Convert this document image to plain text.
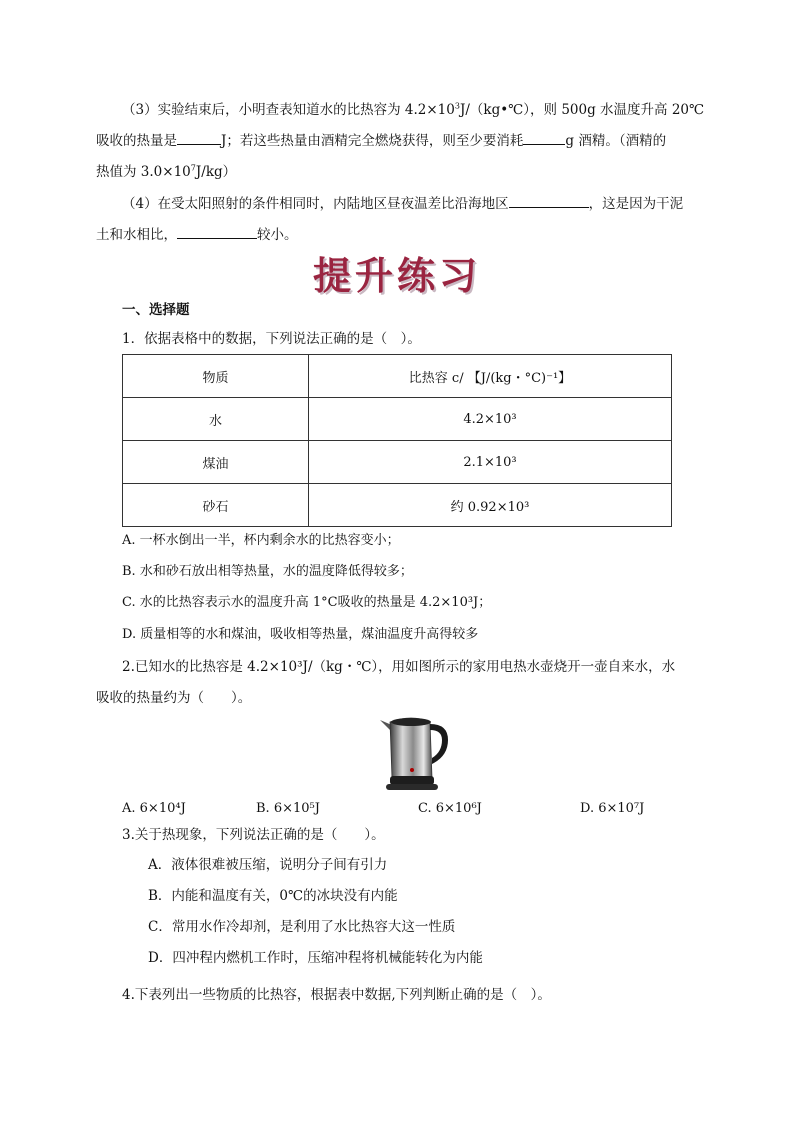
（3）实验结束后，小明查表知道水的比热容为 $4.2\times 10^3J/(kg•℃)$，则 500g 水温度升高 20℃
吸收的热量是	J；若这些热量由酒精完全燃烧获得，则至少要消耗	g 酒精。（酒精的
热值为 $3.0\times 10^7J/kg$）
（4）在受太阳照射的条件相同时，内陆地区昼夜温差比沿海地区	，这是因为干泥
土和水相比，	较小。
提升练习
一、选择题
1．依据表格中的数据，下列说法正确的是（　）。
物质	比热容 c/ 【J/(kg・°C)⁻¹】
水	4.2×10³
煤油	2.1×10³
砂石	约 0.92×10³
A. 一杯水倒出一半，杯内剩余水的比热容变小；
B. 水和砂石放出相等热量，水的温度降低得较多；
C. 水的比热容表示水的温度升高 1°C吸收的热量是 4.2×10³J；
D. 质量相等的水和煤油，吸收相等热量，煤油温度升高得较多
2.已知水的比热容是 4.2×10³J/（kg・℃），用如图所示的家用电热水壶烧开一壶自来水，水
吸收的热量约为（　　）。
A. 6×10⁴J	B. 6×10⁵J	C. 6×10⁶J	D. 6×10⁷J
3.关于热现象，下列说法正确的是（　　）。
A．液体很难被压缩，说明分子间有引力
B．内能和温度有关，0℃的冰块没有内能
C．常用水作冷却剂，是利用了水比热容大这一性质
D．四冲程内燃机工作时，压缩冲程将机械能转化为内能
4.下表列出一些物质的比热容，根据表中数据,下列判断止确的是（　）。
